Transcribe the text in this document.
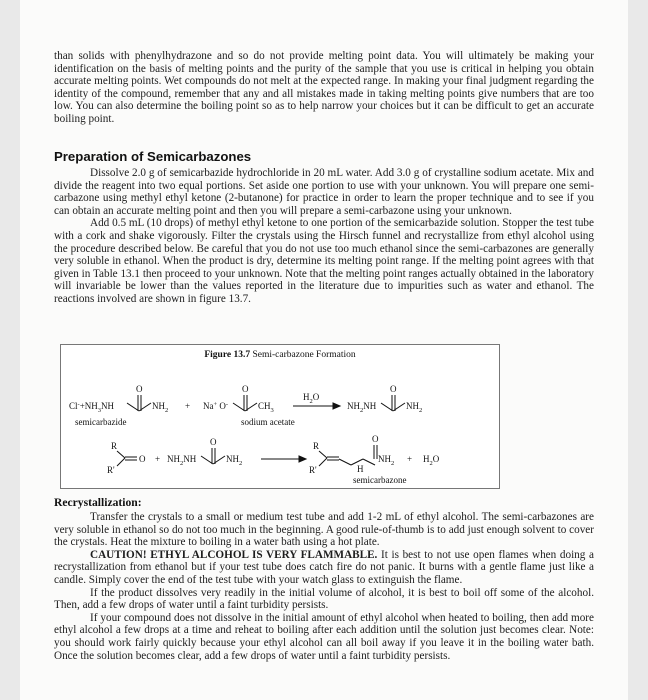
than solids with phenylhydrazone and so do not provide melting point data. You will ultimately be making your identification on the basis of melting points and the purity of the sample that you use is critical in helping you obtain accurate melting points. Wet compounds do not melt at the expected range. In making your final judgment regarding the identity of the compound, remember that any and all mistakes made in taking melting points give numbers that are too low. You can also determine the boiling point so as to help narrow your choices but it can be difficult to get an accurate boiling point.

Preparation of Semicarbazones

Dissolve 2.0 g of semicarbazide hydrochloride in 20 mL water. Add 3.0 g of crystalline sodium acetate. Mix and divide the reagent into two equal portions. Set aside one portion to use with your unknown. You will prepare one semi-carbazone using methyl ethyl ketone (2-butanone) for practice in order to learn the proper technique and to see if you can obtain an accurate melting point and then you will prepare a semi-carbazone using your unknown.

Add 0.5 mL (10 drops) of methyl ethyl ketone to one portion of the semicarbazide solution. Stopper the test tube with a cork and shake vigorously. Filter the crystals using the Hirsch funnel and recrystallize from ethyl alcohol using the procedure described below. Be careful that you do not use too much ethanol since the semi-carbazones are generally very soluble in ethanol. When the product is dry, determine its melting point range. If the melting point agrees with that given in Table 13.1 then proceed to your unknown. Note that the melting point ranges actually obtained in the laboratory will invariable be lower than the values reported in the literature due to impurities such as water and ethanol. The reactions involved are shown in figure 13.7.

Figure 13.7 Semi-carbazone Formation
$Cl^-+NH_3NH$
O
$NH_2$
semicarbazide
+ Na+ O-
O
$CH_3$
sodium acetate
$H_2O$
$NH_2NH$
O
$NH_2$
R
R'
$O + NH_2NH$
O
$NH_2$
R
R'
O
H
$NH_2$
semicarbazone
+ $H_2O$
Recrystallization:

Transfer the crystals to a small or medium test tube and add 1-2 mL of ethyl alcohol. The semi-carbazones are very soluble in ethanol so do not too much in the beginning. A good rule-of-thumb is to add just enough solvent to cover the crystals. Heat the mixture to boiling in a water bath using a hot plate.

CAUTION! ETHYL ALCOHOL IS VERY FLAMMABLE. It is best to not use open flames when doing a recrystallization from ethanol but if your test tube does catch fire do not panic. It burns with a gentle flame just like a candle. Simply cover the end of the test tube with your watch glass to extinguish the flame.

If the product dissolves very readily in the initial volume of alcohol, it is best to boil off some of the alcohol. Then, add a few drops of water until a faint turbidity persists.

If your compound does not dissolve in the initial amount of ethyl alcohol when heated to boiling, then add more ethyl alcohol a few drops at a time and reheat to boiling after each addition until the solution just becomes clear. Note: you should work fairly quickly because your ethyl alcohol can all boil away if you leave it in the boiling water bath. Once the solution becomes clear, add a few drops of water until a faint turbidity persists.
